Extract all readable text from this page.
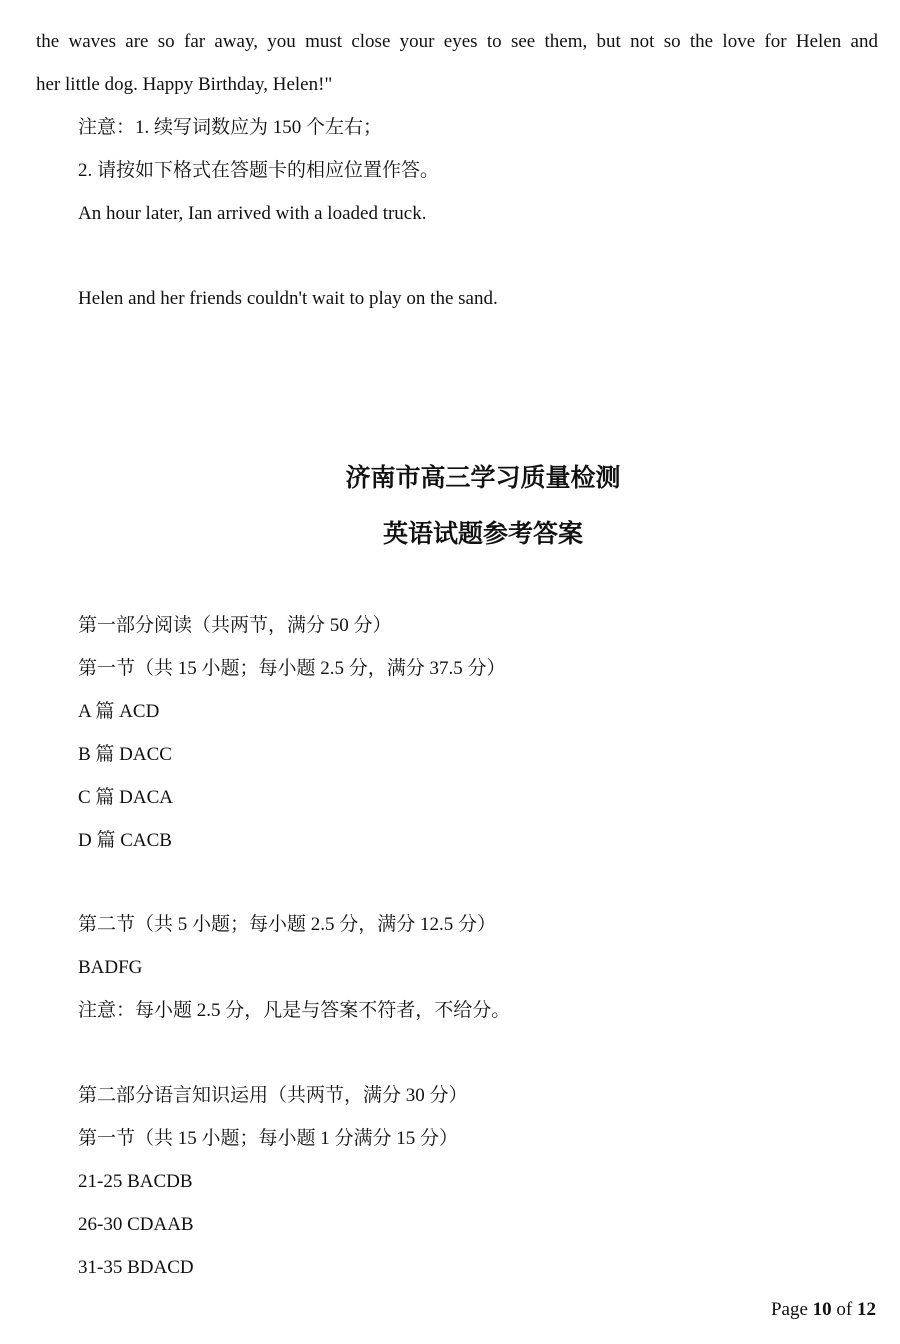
the waves are so far away, you must close your eyes to see them, but not so the love for Helen and
her little dog. Happy Birthday, Helen!"
注意：1. 续写词数应为 150 个左右；
2. 请按如下格式在答题卡的相应位置作答。
An hour later, Ian arrived with a loaded truck.
Helen and her friends couldn't wait to play on the sand.
济南市高三学习质量检测
英语试题参考答案
第一部分阅读（共两节，满分 50 分）
第一节（共 15 小题；每小题 2.5 分，满分 37.5 分）
A 篇 ACD
B 篇 DACC
C 篇 DACA
D 篇 CACB
第二节（共 5 小题；每小题 2.5 分，满分 12.5 分）
BADFG
注意：每小题 2.5 分，凡是与答案不符者，不给分。
第二部分语言知识运用（共两节，满分 30 分）
第一节（共 15 小题；每小题 1 分满分 15 分）
21-25 BACDB
26-30 CDAAB
31-35 BDACD
Page 10 of 12
